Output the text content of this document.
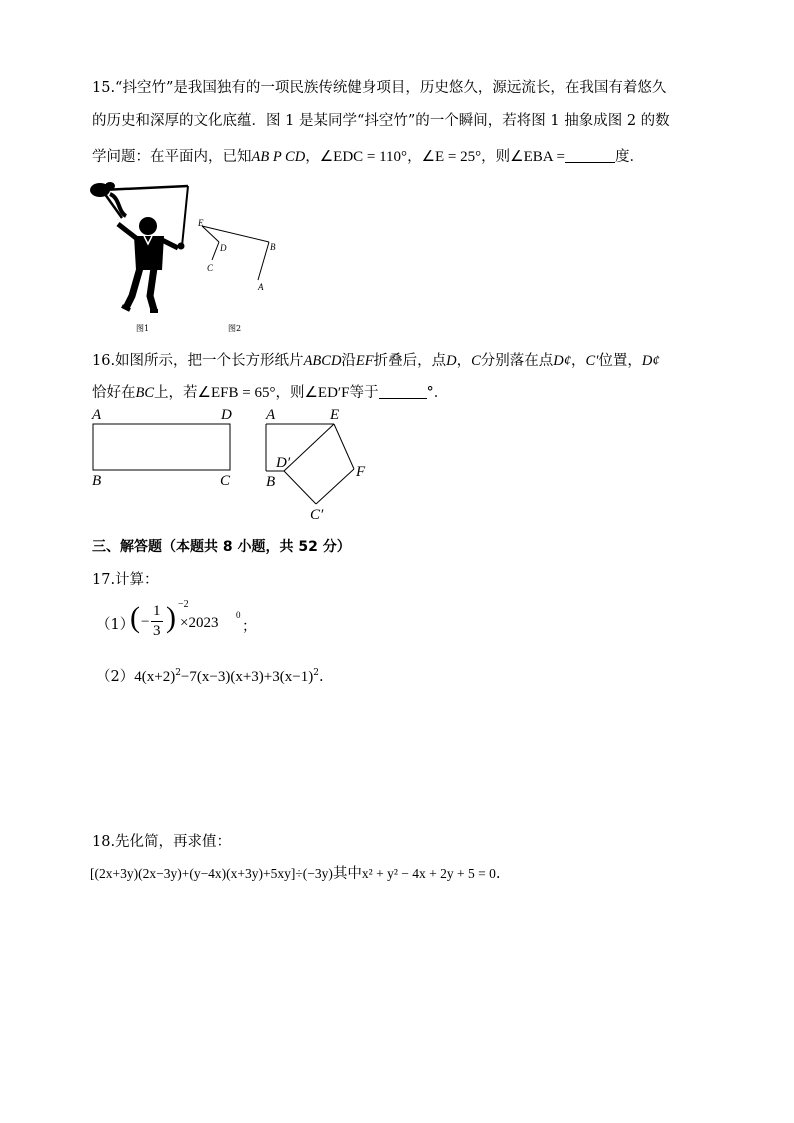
15.“抖空竹”是我国独有的一项民族传统健身项目，历史悠久，源远流长，在我国有着悠久
的历史和深厚的文化底蕴．图 1 是某同学“抖空竹”的一个瞬间，若将图 1 抽象成图 2 的数
学问题：在平面内，已知AB P CD，∠EDC = 110°，∠E = 25°，则∠EBA =	度．
E
D
C
B
A
图1	图2
16.如图所示，把一个长方形纸片ABCD沿EF折叠后，点D，C分别落在点D¢，C′位置，D¢
恰好在BC上，若∠EFB = 65°，则∠ED′F等于	°．
A	D
B	C
A	E
D′
F
B
C′
三、解答题（本题共 8 小题，共 52 分）
17.计算：
（1）
( −
1
3 ) −2
×2023 0
；
$(2)4(x+2)^2-7(x-3)(x+3)+3(x-1)^2$.
18.先化简，再求值：
[(2x+3y)(2x−3y)+(y−4x)(x+3y)+5xy]÷(−3y)其中x² + y² − 4x + 2y + 5 = 0.
